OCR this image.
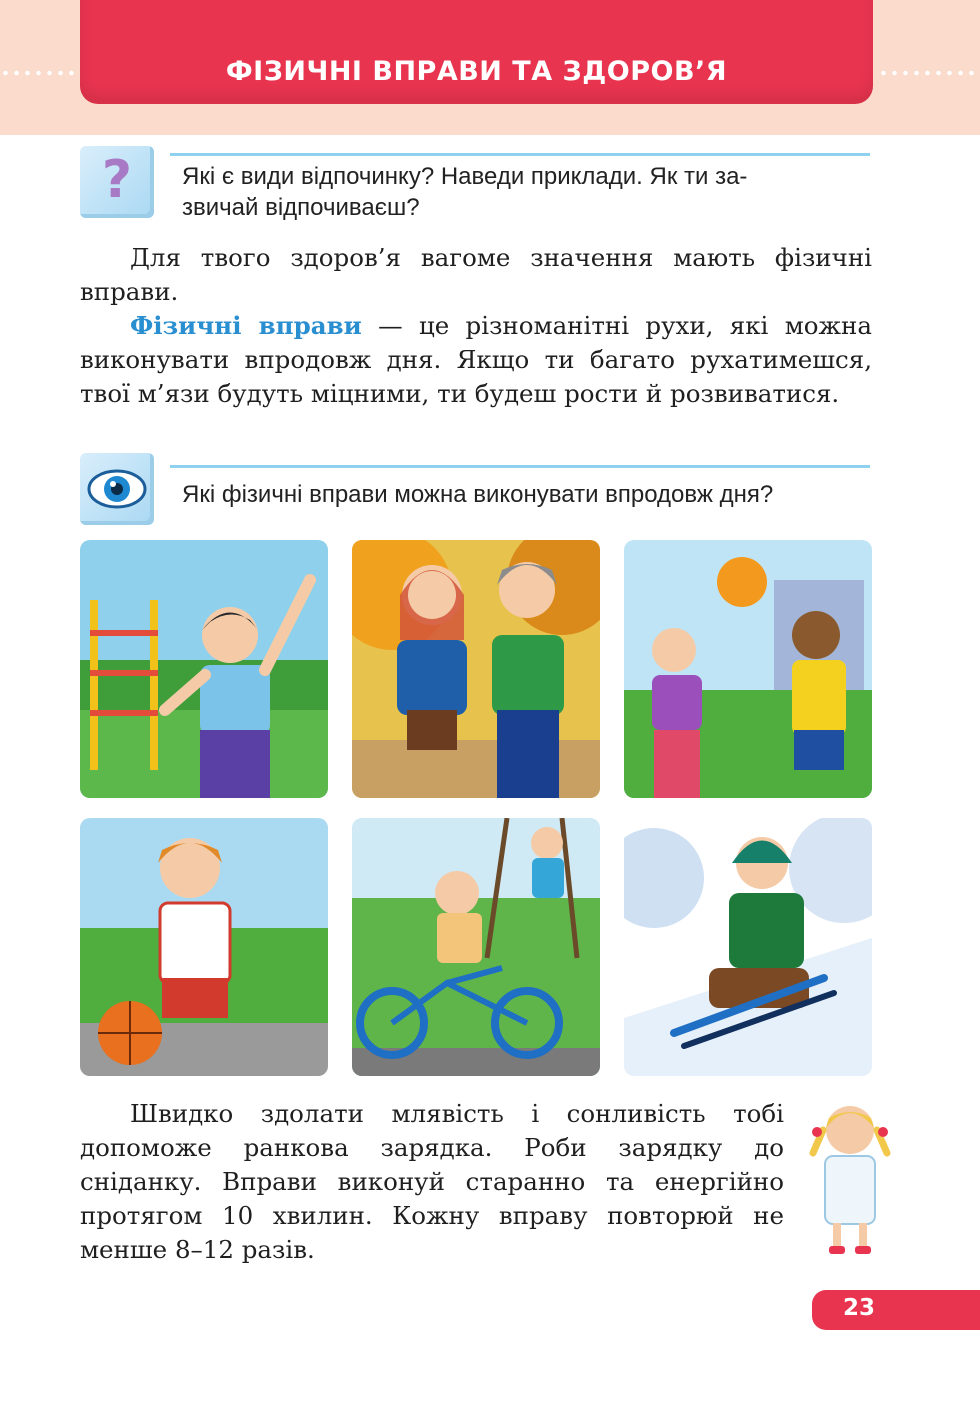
ФІЗИЧНІ ВПРАВИ ТА ЗДОРОВ’Я
?	Які є види відпочинку? Наведи приклади. Як ти за-
звичай відпочиваєш?

Для твого здоров’я вагоме значення мають фізичні вправи.

Фізичні вправи — це різноманітні рухи, які можна виконувати впродовж дня. Якщо ти багато рухатимешся, твої м’язи будуть міцними, ти будеш рости й розвиватися.

Які фізичні вправи можна виконувати впродовж дня?

Швидко здолати млявість і сонливість тобі допоможе ранкова зарядка. Роби зарядку до сніданку. Вправи виконуй старанно та енергійно протягом 10 хвилин. Кожну вправу повторюй не менше 8–12 разів.

23
